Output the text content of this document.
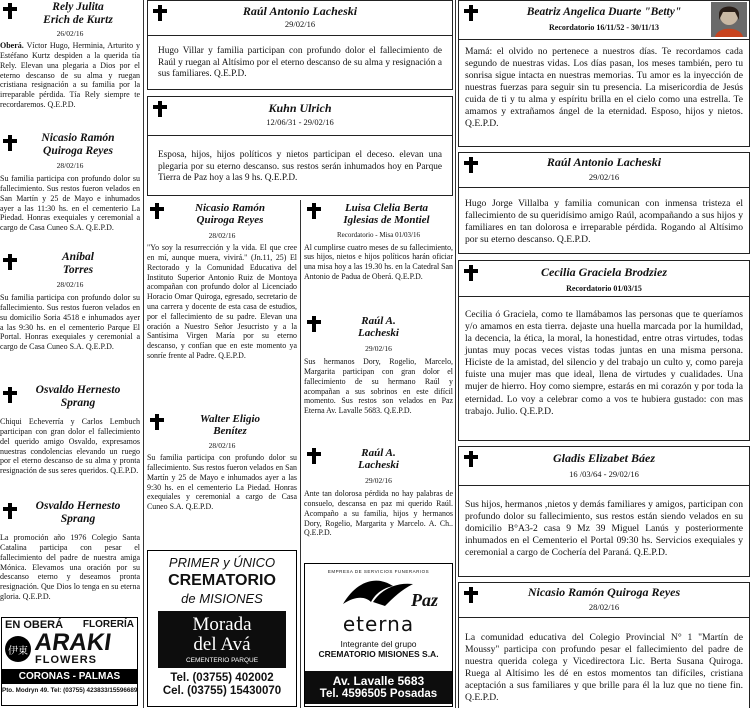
Rely Julita
Erich de Kurtz
26/02/16
Oberá. Víctor Hugo, Herminia, Arturito y Estéfano Kurtz despiden a la querida tía Rely. Elevan una plegaria a Dios por el eterno descanso de su alma y ruegan cristiana resignación a su familia por la irreparable pérdida. Tía Rely siempre te recordaremos. Q.E.P.D.
Nicasio Ramón
Quiroga Reyes
28/02/16
Su familia participa con profundo dolor su fallecimiento. Sus restos fueron velados en San Martín y 25 de Mayo e inhumados ayer a las 11:30 hs. en el cementerio La Piedad. Honras exequiales y ceremonial a cargo de Casa Cuneo S.A. Q.E.P.D.
Aníbal
Torres
28/02/16
Su familia participa con profundo dolor su fallecimiento. Sus restos fueron velados en su domicilio Soria 4518 e inhumados ayer a las 9:30 hs. en el cementerio Parque El Portal. Honras exequiales y ceremonial a cargo de Casa Cuneo S.A. Q.E.P.D.
Osvaldo Hernesto
Sprang
Chiqui Echeverría y Carlos Lembuch participan con gran dolor el fallecimiento del querido amigo Osvaldo, expresamos nuestras condolencias elevando un ruego por el eterno descanso de su alma y pronta resignación de sus seres queridos. Q.E.P.D.
Osvaldo Hernesto
Sprang
La promoción año 1976 Colegio Santa Catalina participa con pesar el fallecimiento del padre de nuestra amiga Mónica. Elevamos una oración por su descanso eterno y deseamos pronta resignación. Que Dios lo tenga en su eterna gloria. Q.E.P.D.
EN OBERÁ FLORERÍA
伊東 ARAKI
FLOWERS
CORONAS - PALMAS
Pto. Modryn 49. Tel: (03755) 423833/15596689
Raúl Antonio Lacheski
29/02/16
Hugo Villar y familia participan con profundo dolor el fallecimiento de Raúl y ruegan al Altísimo por el eterno descanso de su alma y resignación a sus familiares. Q.E.P.D.
Kuhn Ulrich
12/06/31 - 29/02/16
Esposa, hijos, hijos políticos y nietos participan el deceso. elevan una plegaria por su eterno descanso. sus restos serán inhumados hoy en Parque Tierra de Paz hoy a las 9 hs. Q.E.P.D.
Nicasio Ramón
Quiroga Reyes
28/02/16
"Yo soy la resurrección y la vida. El que cree en mí, aunque muera, vivirá." (Jn.11, 25) El Rectorado y la Comunidad Educativa del Instituto Superior Antonio Ruiz de Montoya acompañan con profundo dolor al Licenciado Horacio Omar Quiroga, egresado, secretario de una carrera y docente de esta casa de estudios, por el fallecimiento de su padre. Elevan una oración a Nuestro Señor Jesucristo y a la Santísima Virgen María por su eterno descanso, y confían que en este momento ya sonríe frente al Padre. Q.E.P.D.
Walter Eligio
Benítez
28/02/16
Su familia participa con profundo dolor su fallecimiento. Sus restos fueron velados en San Martín y 25 de Mayo e inhumados ayer a las 9:30 hs. en el cementerio La Piedad. Honras exequiales y ceremonial a cargo de Casa Cuneo S.A. Q.E.P.D.
PRIMER y ÚNICO
CREMATORIO
de MISIONES
Morada
del Avá
CEMENTERIO PARQUE
Tel. (03755) 402002
Cel. (03755) 15430070
Luisa Clelia Berta
Iglesias de Montiel
Recordatorio - Misa 01/03/16
Al cumplirse cuatro meses de su fallecimiento, sus hijos, nietos e hijos políticos harán oficiar una misa hoy a las 19.30 hs. en la Catedral San Antonio de Padua de Oberá. Q.E.P.D.
Raúl A.
Lacheski
29/02/16
Sus hermanos Dory, Rogelio, Marcelo, Margarita participan con gran dolor el fallecimiento de su hermano Raúl y acompañan a sus sobrinos en este difícil momento. Sus restos son velados en Paz Eterna Av. Lavalle 5683. Q.E.P.D.
Raúl A.
Lacheski
29/02/16
Ante tan dolorosa pérdida no hay palabras de consuelo, descansa en paz mi querido Raúl. Acompaño a su familia, hijos y hermanos Dory, Rogelio, Margarita y Marcelo. A. Ch.. Q.E.P.D.
EMPRESA DE SERVICIOS FUNERARIOS
Paz
eterna
Integrante del grupo
CREMATORIO MISIONES S.A.
Av. Lavalle 5683
Tel. 4596505 Posadas
Beatriz Angelica Duarte "Betty"
Recordatorio 16/11/52 - 30/11/13
Mamá: el olvido no pertenece a nuestros días. Te recordamos cada segundo de nuestras vidas. Los días pasan, los meses también, pero tu sonrisa sigue intacta en nuestras memorias. Tu amor es la inyección de nuestras fuerzas para seguir sin tu presencia. La misericordia de Jesús cuida de ti y tu alma y espíritu brilla en el cielo como una estrella. Te amamos y extrañamos ángel de la eternidad. Esposo, hijos y nietos. Q.E.P.D.
Raúl Antonio Lacheski
29/02/16
Hugo Jorge Villalba y familia comunican con inmensa tristeza el fallecimiento de su queridísimo amigo Raúl, acompañando a sus hijos y familiares en tan dolorosa e irreparable pérdida. Rogando al Altísimo por su eterno descanso. Q.E.P.D.
Cecilia Graciela Brodziez
Recordatorio 01/03/15
Cecilia ó Graciela, como te llamábamos las personas que te queríamos y/o amamos en esta tierra. dejaste una huella marcada por la humildad, la decencia, la ética, la moral, la honestidad, entre otras virtudes, todas juntas muy pocas veces vistas todas juntas en una misma persona. Hiciste de la amistad, del silencio y del trabajo un culto y, como pareja fuiste una mujer mas que ideal, llena de virtudes y cualidades. Una mujer de hierro. Hoy como siempre, estarás en mi corazón y por toda la eternidad. Lo voy a celebrar como a vos te hubiera gustado: con mas trabajo. Julio. Q.E.P.D.
Gladis Elizabet Báez
16 /03/64 - 29/02/16
Sus hijos, hermanos ,nietos y demás familiares y amigos, participan con profundo dolor su fallecimiento, sus restos están siendo velados en su domicilio B°A3-2 casa 9 Mz 39 Miguel Lanús y posteriormente inhumados en el Cementerio el Portal 09:30 hs. Servicios exequiales y ceremonial a cargo de Cochería del Paraná. Q.E.P.D.
Nicasio Ramón Quiroga Reyes
28/02/16
La comunidad educativa del Colegio Provincial N° 1 "Martín de Moussy" participa con profundo pesar el fallecimiento del padre de nuestra querida colega y Vicedirectora Lic. Berta Susana Quiroga. Ruega al Altísimo les dé en estos momentos tan difíciles, cristiana aceptación a sus familiares y que brille para él la luz que no tiene fin. Q.E.P.D.
